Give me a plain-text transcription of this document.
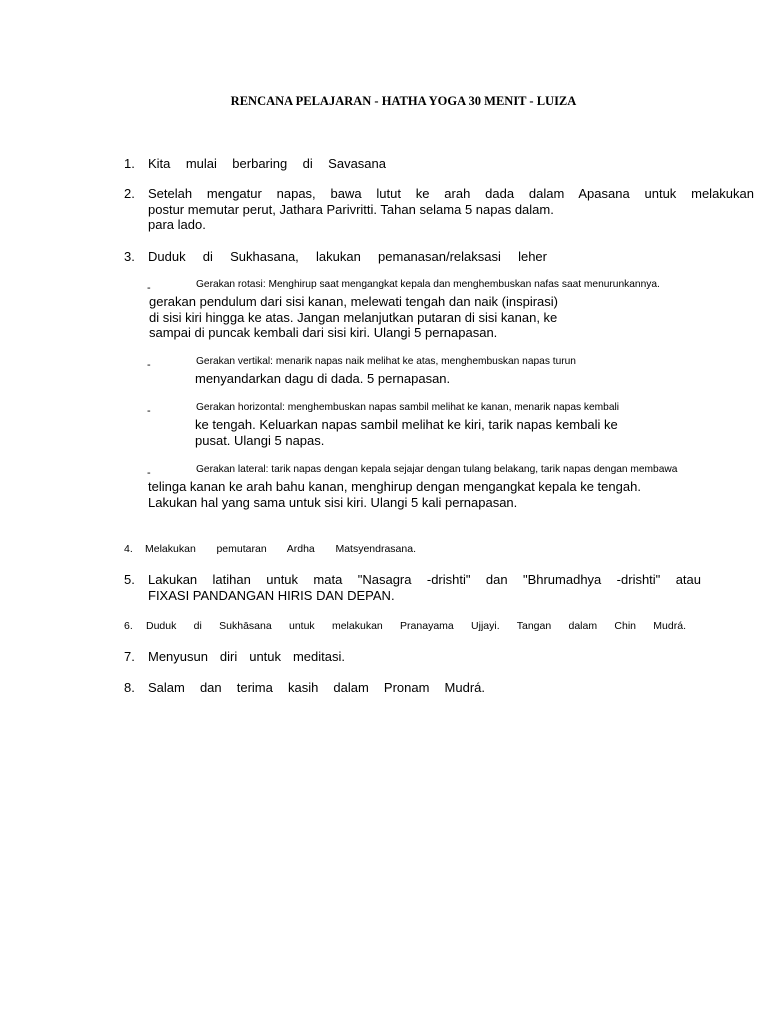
RENCANA PELAJARAN - HATHA YOGA 30 MENIT - LUIZA
1. Kita mulai berbaring di Savasana
2. Setelah mengatur napas, bawa lutut ke arah dada dalam Apasana untuk melakukan
postur memutar perut, Jathara Parivritti. Tahan selama 5 napas dalam.
para lado.
3. Duduk di Sukhasana, lakukan pemanasan/relaksasi leher
-	Gerakan rotasi: Menghirup saat mengangkat kepala dan menghembuskan nafas saat menurunkannya.
gerakan pendulum dari sisi kanan, melewati tengah dan naik (inspirasi)
di sisi kiri hingga ke atas. Jangan melanjutkan putaran di sisi kanan, ke
sampai di puncak kembali dari sisi kiri. Ulangi 5 pernapasan.
-	Gerakan vertikal: menarik napas naik melihat ke atas, menghembuskan napas turun
menyandarkan dagu di dada. 5 pernapasan.
-	Gerakan horizontal: menghembuskan napas sambil melihat ke kanan, menarik napas kembali
ke tengah. Keluarkan napas sambil melihat ke kiri, tarik napas kembali ke
pusat. Ulangi 5 napas.
-	Gerakan lateral: tarik napas dengan kepala sejajar dengan tulang belakang, tarik napas dengan membawa
telinga kanan ke arah bahu kanan, menghirup dengan mengangkat kepala ke tengah.
Lakukan hal yang sama untuk sisi kiri. Ulangi 5 kali pernapasan.
4. Melakukan pemutaran Ardha Matsyendrasana.
5. Lakukan latihan untuk mata "Nasagra -drishti" dan "Bhrumadhya -drishti" atau
FIXASI PANDANGAN HIRIS DAN DEPAN.
6. Duduk di Sukhāsana untuk melakukan Pranayama Ujjayi. Tangan dalam Chin Mudrá.
7. Menyusun diri untuk meditasi.
8. Salam dan terima kasih dalam Pronam Mudrá.
